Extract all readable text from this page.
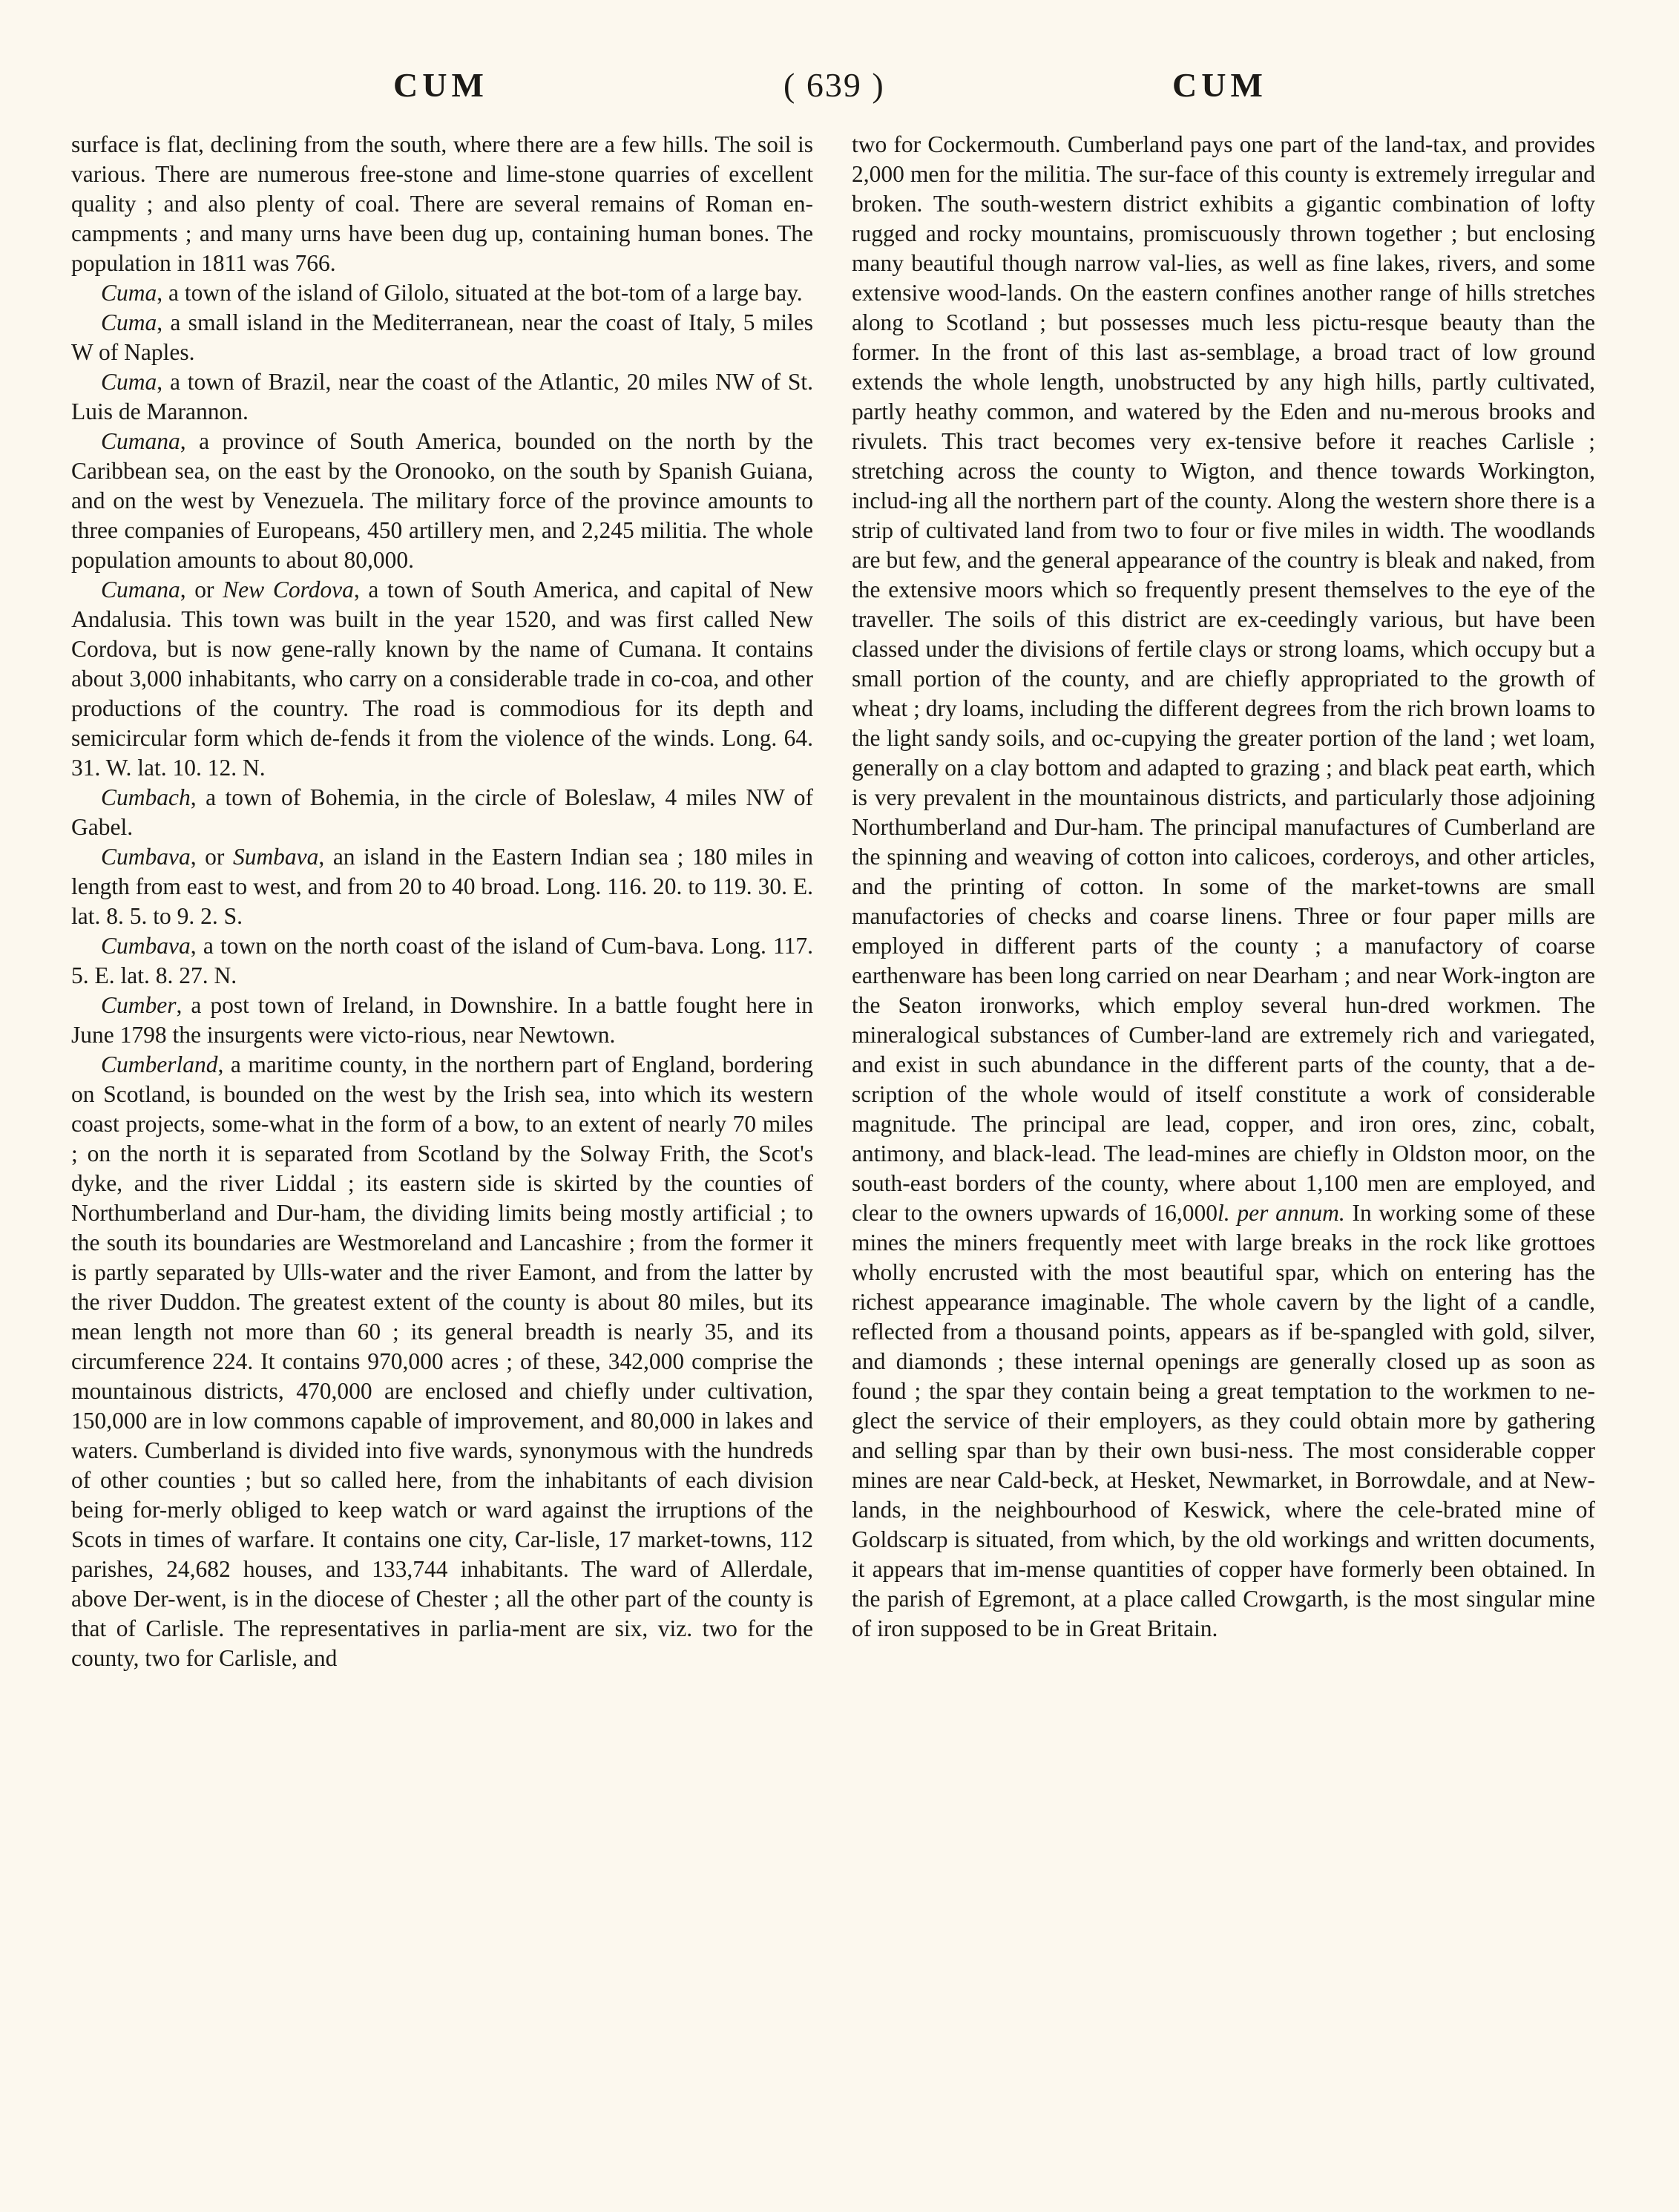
CUM	( 639 )	CUM

surface is flat, declining from the south, where there are a few hills. The soil is various. There are numerous free-stone and lime-stone quarries of excellent quality ; and also plenty of coal. There are several remains of Roman en-campments ; and many urns have been dug up, containing human bones. The population in 1811 was 766.

Cuma, a town of the island of Gilolo, situated at the bot-tom of a large bay.

Cuma, a small island in the Mediterranean, near the coast of Italy, 5 miles W of Naples.

Cuma, a town of Brazil, near the coast of the Atlantic, 20 miles NW of St. Luis de Marannon.

Cumana, a province of South America, bounded on the north by the Caribbean sea, on the east by the Oronooko, on the south by Spanish Guiana, and on the west by Venezuela. The military force of the province amounts to three companies of Europeans, 450 artillery men, and 2,245 militia. The whole population amounts to about 80,000.

Cumana, or New Cordova, a town of South America, and capital of New Andalusia. This town was built in the year 1520, and was first called New Cordova, but is now gene-rally known by the name of Cumana. It contains about 3,000 inhabitants, who carry on a considerable trade in co-coa, and other productions of the country. The road is commodious for its depth and semicircular form which de-fends it from the violence of the winds. Long. 64. 31. W. lat. 10. 12. N.

Cumbach, a town of Bohemia, in the circle of Boleslaw, 4 miles NW of Gabel.

Cumbava, or Sumbava, an island in the Eastern Indian sea ; 180 miles in length from east to west, and from 20 to 40 broad. Long. 116. 20. to 119. 30. E. lat. 8. 5. to 9. 2. S.

Cumbava, a town on the north coast of the island of Cum-bava. Long. 117. 5. E. lat. 8. 27. N.

Cumber, a post town of Ireland, in Downshire. In a battle fought here in June 1798 the insurgents were victo-rious, near Newtown.

Cumberland, a maritime county, in the northern part of England, bordering on Scotland, is bounded on the west by the Irish sea, into which its western coast projects, some-what in the form of a bow, to an extent of nearly 70 miles ; on the north it is separated from Scotland by the Solway Frith, the Scot's dyke, and the river Liddal ; its eastern side is skirted by the counties of Northumberland and Dur-ham, the dividing limits being mostly artificial ; to the south its boundaries are Westmoreland and Lancashire ; from the former it is partly separated by Ulls-water and the river Eamont, and from the latter by the river Duddon. The greatest extent of the county is about 80 miles, but its mean length not more than 60 ; its general breadth is nearly 35, and its circumference 224. It contains 970,000 acres ; of these, 342,000 comprise the mountainous districts, 470,000 are enclosed and chiefly under cultivation, 150,000 are in low commons capable of improvement, and 80,000 in lakes and waters. Cumberland is divided into five wards, synonymous with the hundreds of other counties ; but so called here, from the inhabitants of each division being for-merly obliged to keep watch or ward against the irruptions of the Scots in times of warfare. It contains one city, Car-lisle, 17 market-towns, 112 parishes, 24,682 houses, and 133,744 inhabitants. The ward of Allerdale, above Der-went, is in the diocese of Chester ; all the other part of the county is that of Carlisle. The representatives in parlia-ment are six, viz. two for the county, two for Carlisle, and

two for Cockermouth. Cumberland pays one part of the land-tax, and provides 2,000 men for the militia. The sur-face of this county is extremely irregular and broken. The south-western district exhibits a gigantic combination of lofty rugged and rocky mountains, promiscuously thrown together ; but enclosing many beautiful though narrow val-lies, as well as fine lakes, rivers, and some extensive wood-lands. On the eastern confines another range of hills stretches along to Scotland ; but possesses much less pictu-resque beauty than the former. In the front of this last as-semblage, a broad tract of low ground extends the whole length, unobstructed by any high hills, partly cultivated, partly heathy common, and watered by the Eden and nu-merous brooks and rivulets. This tract becomes very ex-tensive before it reaches Carlisle ; stretching across the county to Wigton, and thence towards Workington, includ-ing all the northern part of the county. Along the western shore there is a strip of cultivated land from two to four or five miles in width. The woodlands are but few, and the general appearance of the country is bleak and naked, from the extensive moors which so frequently present themselves to the eye of the traveller. The soils of this district are ex-ceedingly various, but have been classed under the divisions of fertile clays or strong loams, which occupy but a small portion of the county, and are chiefly appropriated to the growth of wheat ; dry loams, including the different degrees from the rich brown loams to the light sandy soils, and oc-cupying the greater portion of the land ; wet loam, generally on a clay bottom and adapted to grazing ; and black peat earth, which is very prevalent in the mountainous districts, and particularly those adjoining Northumberland and Dur-ham. The principal manufactures of Cumberland are the spinning and weaving of cotton into calicoes, corderoys, and other articles, and the printing of cotton. In some of the market-towns are small manufactories of checks and coarse linens. Three or four paper mills are employed in different parts of the county ; a manufactory of coarse earthenware has been long carried on near Dearham ; and near Work-ington are the Seaton ironworks, which employ several hun-dred workmen. The mineralogical substances of Cumber-land are extremely rich and variegated, and exist in such abundance in the different parts of the county, that a de-scription of the whole would of itself constitute a work of considerable magnitude. The principal are lead, copper, and iron ores, zinc, cobalt, antimony, and black-lead. The lead-mines are chiefly in Oldston moor, on the south-east borders of the county, where about 1,100 men are employed, and clear to the owners upwards of 16,000l. per annum. In working some of these mines the miners frequently meet with large breaks in the rock like grottoes wholly encrusted with the most beautiful spar, which on entering has the richest appearance imaginable. The whole cavern by the light of a candle, reflected from a thousand points, appears as if be-spangled with gold, silver, and diamonds ; these internal openings are generally closed up as soon as found ; the spar they contain being a great temptation to the workmen to ne-glect the service of their employers, as they could obtain more by gathering and selling spar than by their own busi-ness. The most considerable copper mines are near Cald-beck, at Hesket, Newmarket, in Borrowdale, and at New-lands, in the neighbourhood of Keswick, where the cele-brated mine of Goldscarp is situated, from which, by the old workings and written documents, it appears that im-mense quantities of copper have formerly been obtained. In the parish of Egremont, at a place called Crowgarth, is the most singular mine of iron supposed to be in Great Britain.
